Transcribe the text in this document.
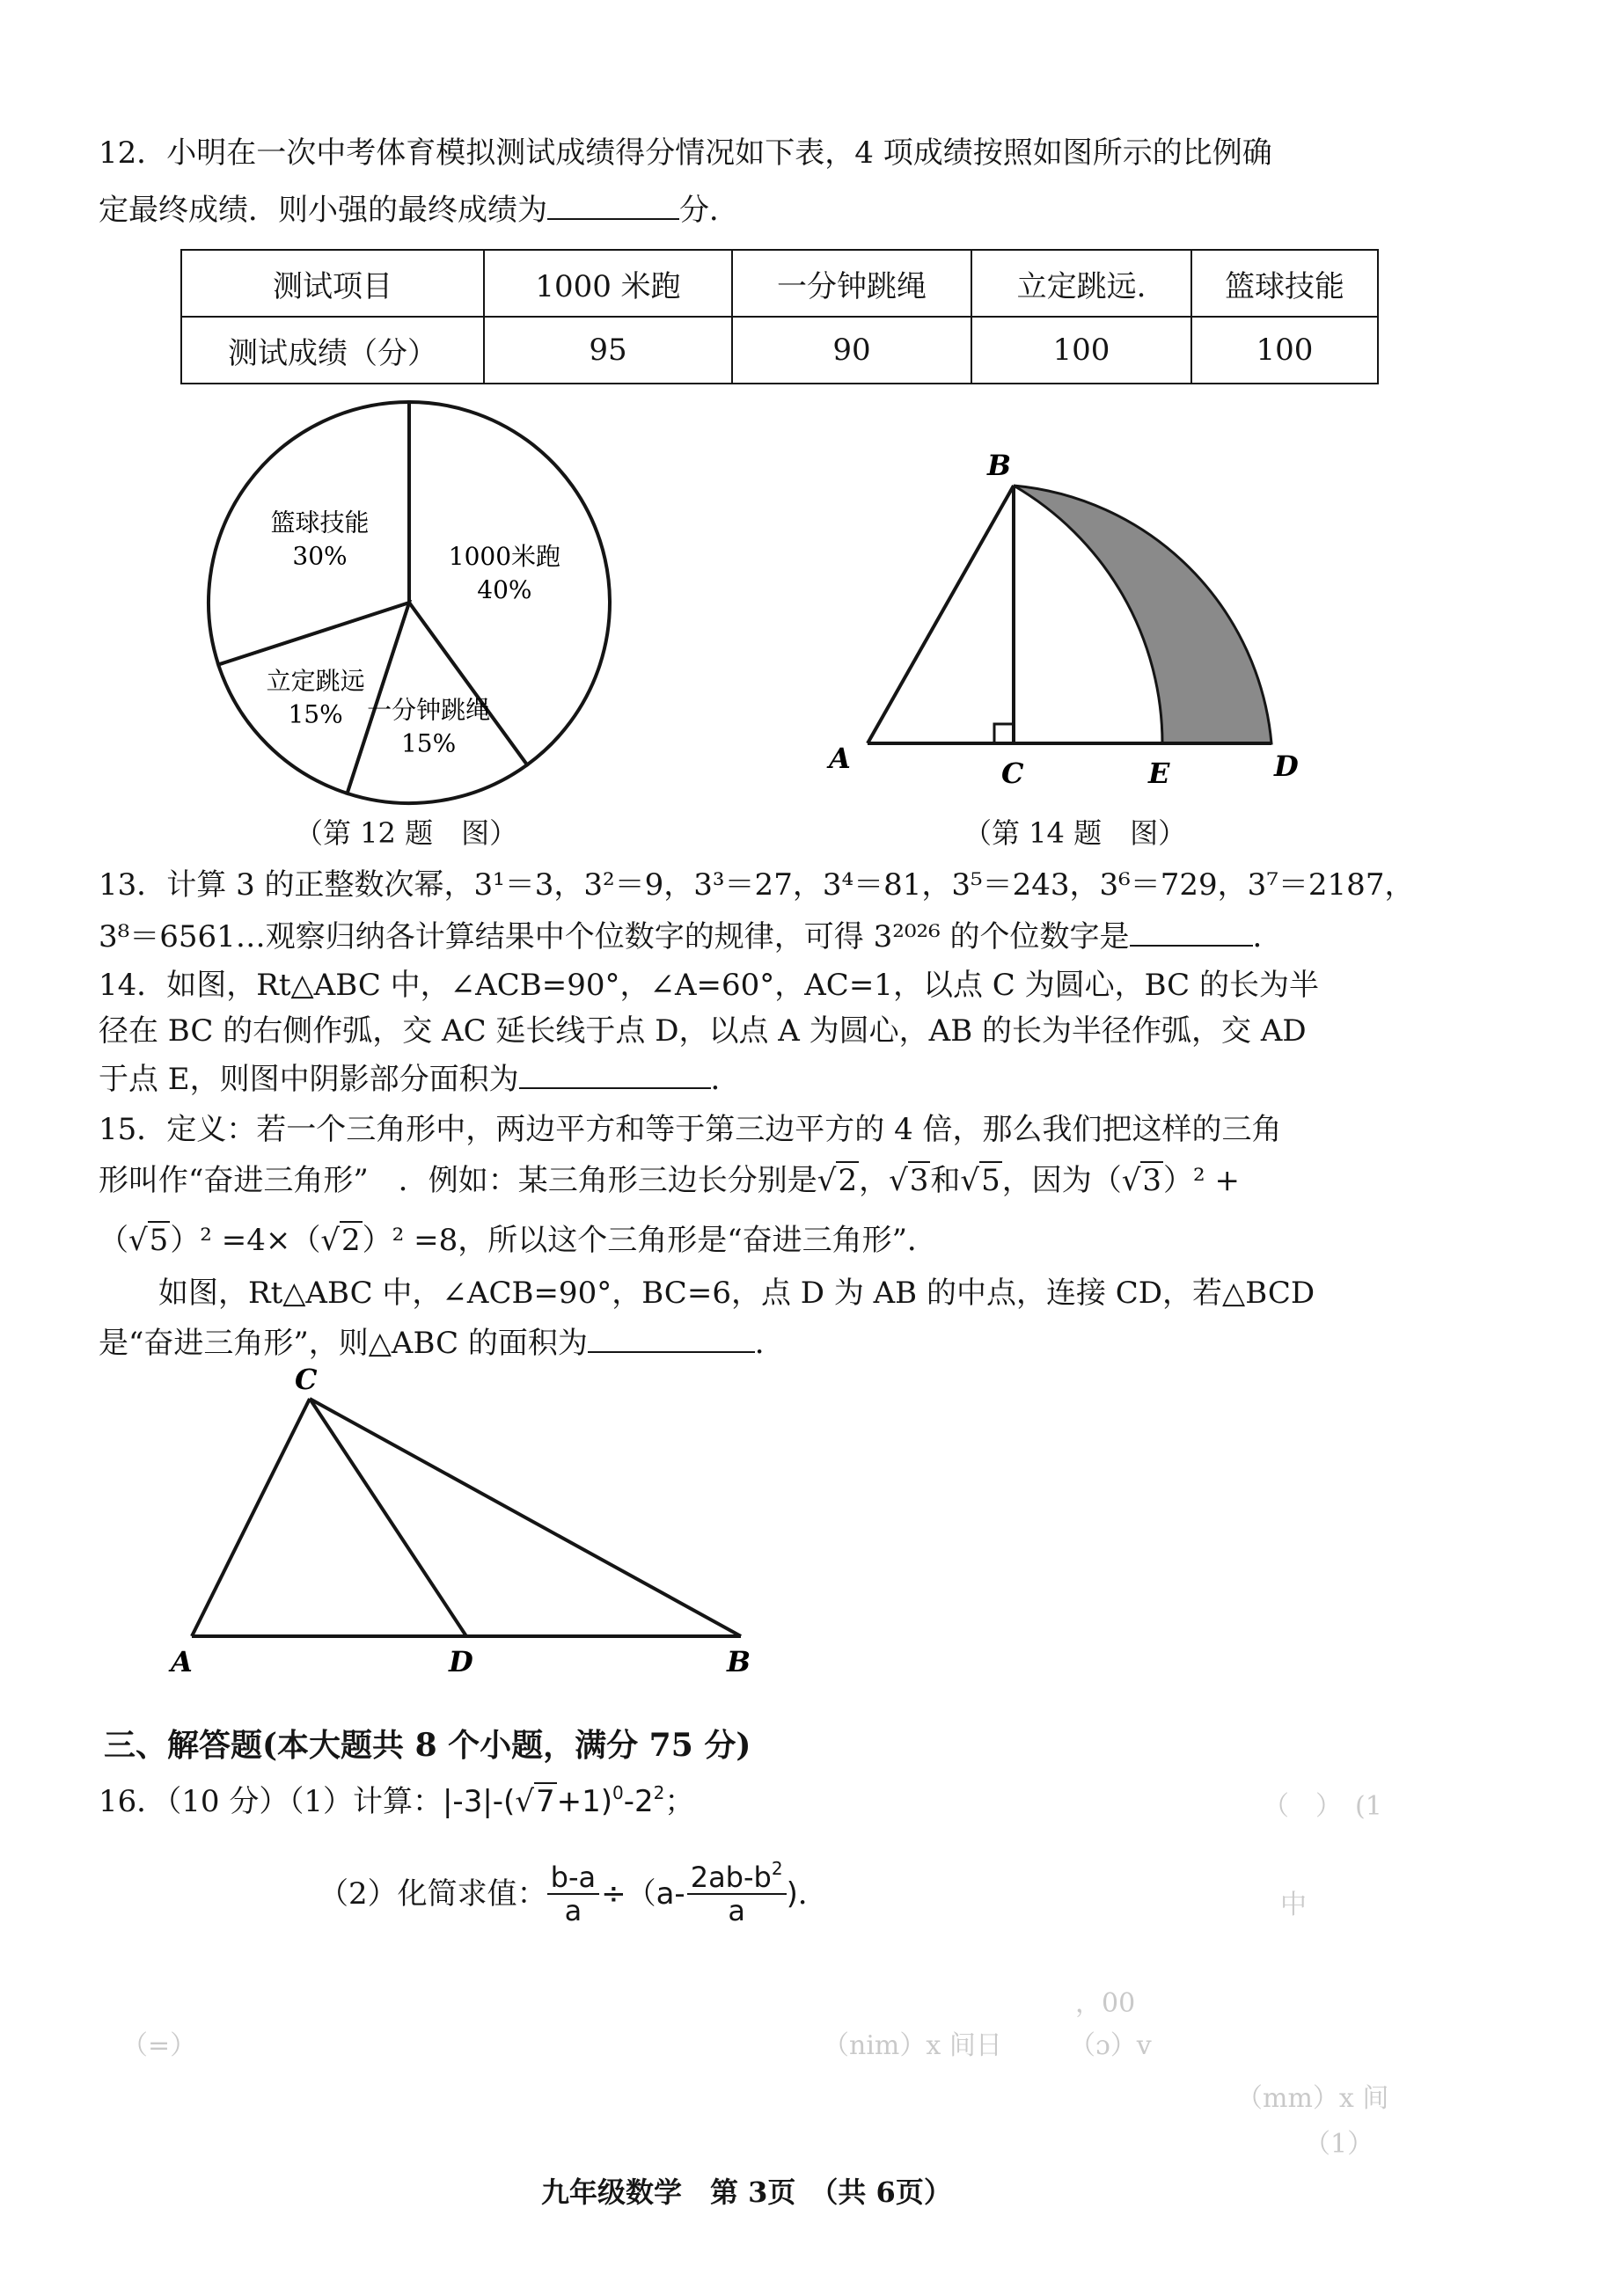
12．小明在一次中考体育模拟测试成绩得分情况如下表，4 项成绩按照如图所示的比例确
定最终成绩．则小强的最终成绩为	分．
测试项目	1000 米跑	一分钟跳绳	立定跳远.	篮球技能
测试成绩（分）	95	90	100	100
1000米跑
40%
一分钟跳绳
15%
立定跳远
15%
篮球技能
30%
（第 12 题　图）
B
A	C	E	D
（第 14 题　图）
13．计算 3 的正整数次幂，3¹＝3，3²＝9，3³＝27，3⁴＝81，3⁵＝243，3⁶＝729，3⁷＝2187，
3⁸＝6561…观察归纳各计算结果中个位数字的规律，可得 3²⁰²⁶ 的个位数字是	．
14．如图，Rt△ABC 中，∠ACB=90°，∠A=60°，AC=1，以点 C 为圆心，BC 的长为半
径在 BC 的右侧作弧，交 AC 延长线于点 D，以点 A 为圆心，AB 的长为半径作弧，交 AD
于点 E，则图中阴影部分面积为	．
15．定义：若一个三角形中，两边平方和等于第三边平方的 4 倍，那么我们把这样的三角
形叫作“奋进三角形”　．例如：某三角形三边长分别是√2，√3和√5，因为（√3）² +
（√5）² =4×（√2）² =8，所以这个三角形是“奋进三角形”．
如图，Rt△ABC 中，∠ACB=90°，BC=6，点 D 为 AB 的中点，连接 CD，若△BCD
是“奋进三角形”，则△ABC 的面积为	．
C
A	D	B
三、解答题(本大题共 8 个小题，满分 75 分)
16．（10 分）（1）计算：$|-3|-(√7+1)^0-2^2$；
（2）化简求值： $\frac{b-a}{a} \div(a- \frac{2ab-b^2}{a}$ )．
（　）　(1
中
，00
（nim）x 间日	（ɔ）v
（mm）x 间
（1）
（=）
九年级数学　第 3页　（共 6页）
